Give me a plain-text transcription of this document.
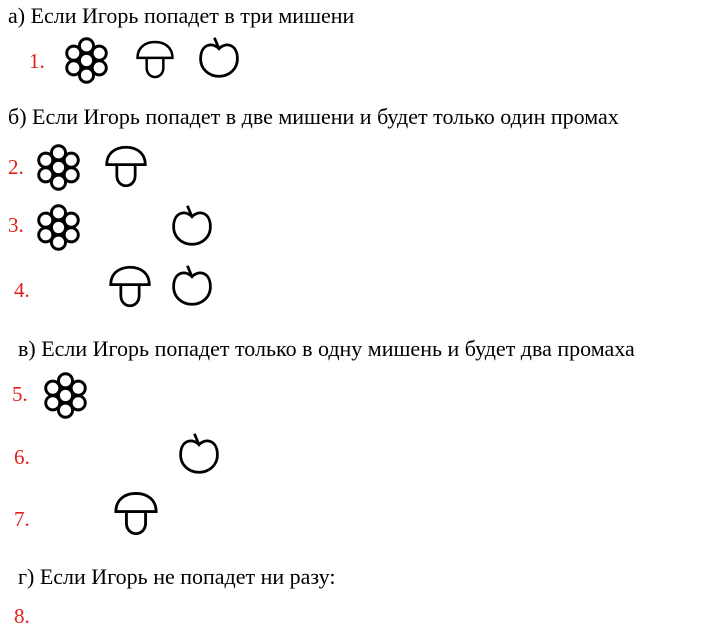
а) Если Игорь попадет в три мишени
1.
б) Если Игорь попадет в две мишени и будет только один промах
2.
3.
4.
в) Если Игорь попадет только в одну мишень и будет два промаха
5.
6.
7.
г) Если Игорь не попадет ни разу:
8.
